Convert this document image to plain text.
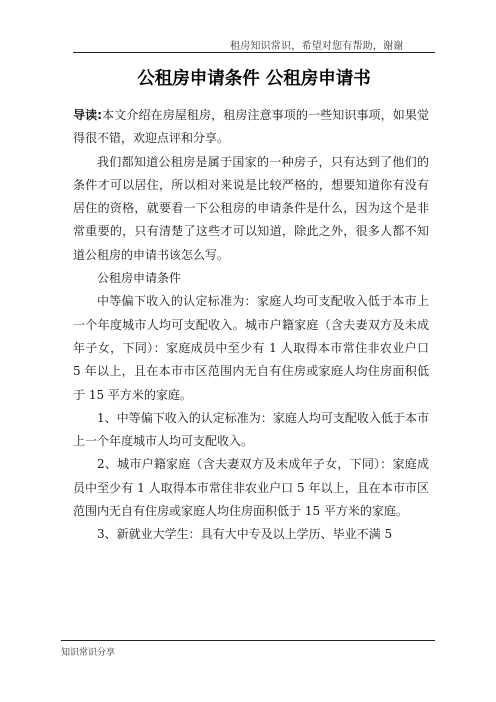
租房知识常识，希望对您有帮助，谢谢
公租房申请条件 公租房申请书

导读:本文介绍在房屋租房，租房注意事项的一些知识事项，如果觉得很不错，欢迎点评和分享。

我们都知道公租房是属于国家的一种房子，只有达到了他们的条件才可以居住，所以相对来说是比较严格的，想要知道你有没有居住的资格，就要看一下公租房的申请条件是什么，因为这个是非常重要的，只有清楚了这些才可以知道，除此之外，很多人都不知道公租房的申请书该怎么写。

公租房申请条件

中等偏下收入的认定标准为：家庭人均可支配收入低于本市上一个年度城市人均可支配收入。城市户籍家庭（含夫妻双方及未成年子女，下同）：家庭成员中至少有 1 人取得本市常住非农业户口 5 年以上，且在本市市区范围内无自有住房或家庭人均住房面积低于 15 平方米的家庭。

1、中等偏下收入的认定标准为：家庭人均可支配收入低于本市上一个年度城市人均可支配收入。

2、城市户籍家庭（含夫妻双方及未成年子女，下同）：家庭成员中至少有 1 人取得本市常住非农业户口 5 年以上，且在本市市区范围内无自有住房或家庭人均住房面积低于 15 平方米的家庭。

3、新就业大学生：具有大中专及以上学历、毕业不满 5

知识常识分享
